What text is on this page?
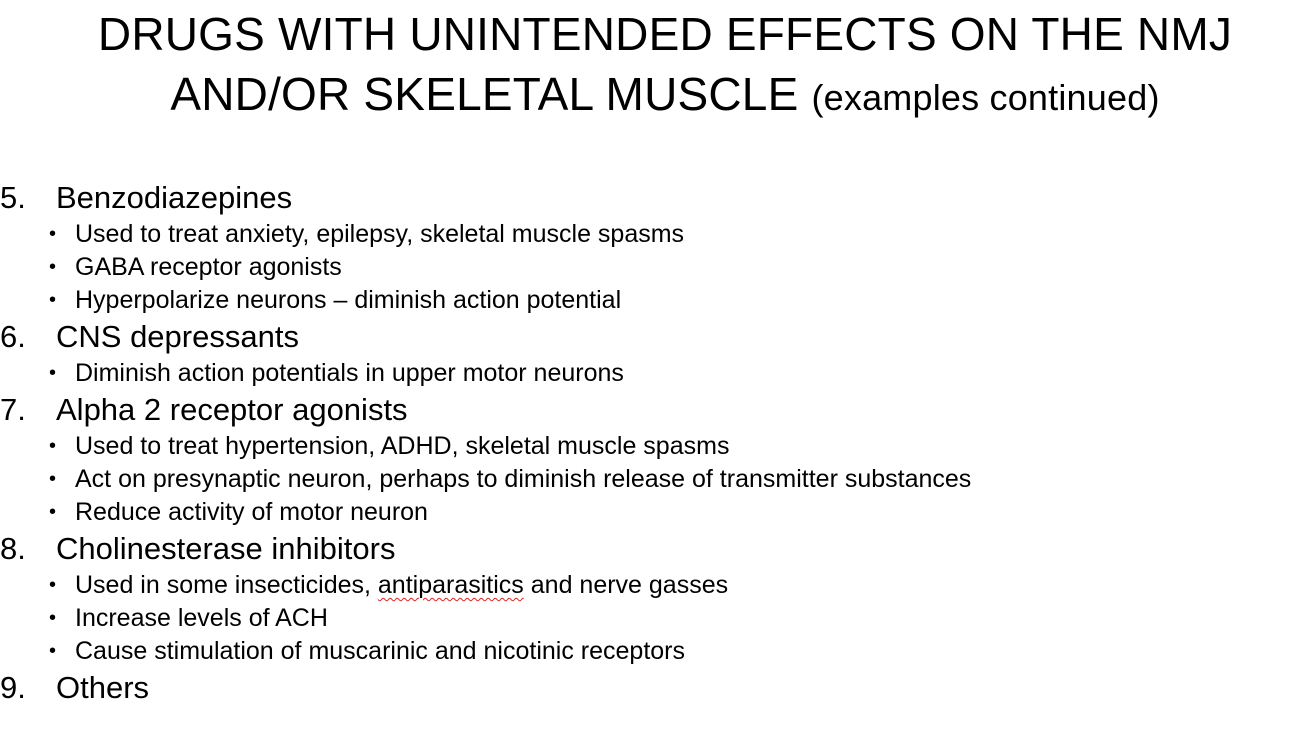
DRUGS WITH UNINTENDED EFFECTS ON THE NMJ
AND/OR SKELETAL MUSCLE (examples continued)
5. Benzodiazepines
• Used to treat anxiety, epilepsy, skeletal muscle spasms
• GABA receptor agonists
• Hyperpolarize neurons – diminish action potential
6. CNS depressants
• Diminish action potentials in upper motor neurons
7. Alpha 2 receptor agonists
• Used to treat hypertension, ADHD, skeletal muscle spasms
• Act on presynaptic neuron, perhaps to diminish release of transmitter substances
• Reduce activity of motor neuron
8. Cholinesterase inhibitors
• Used in some insecticides, antiparasitics and nerve gasses
• Increase levels of ACH
• Cause stimulation of muscarinic and nicotinic receptors
9. Others
